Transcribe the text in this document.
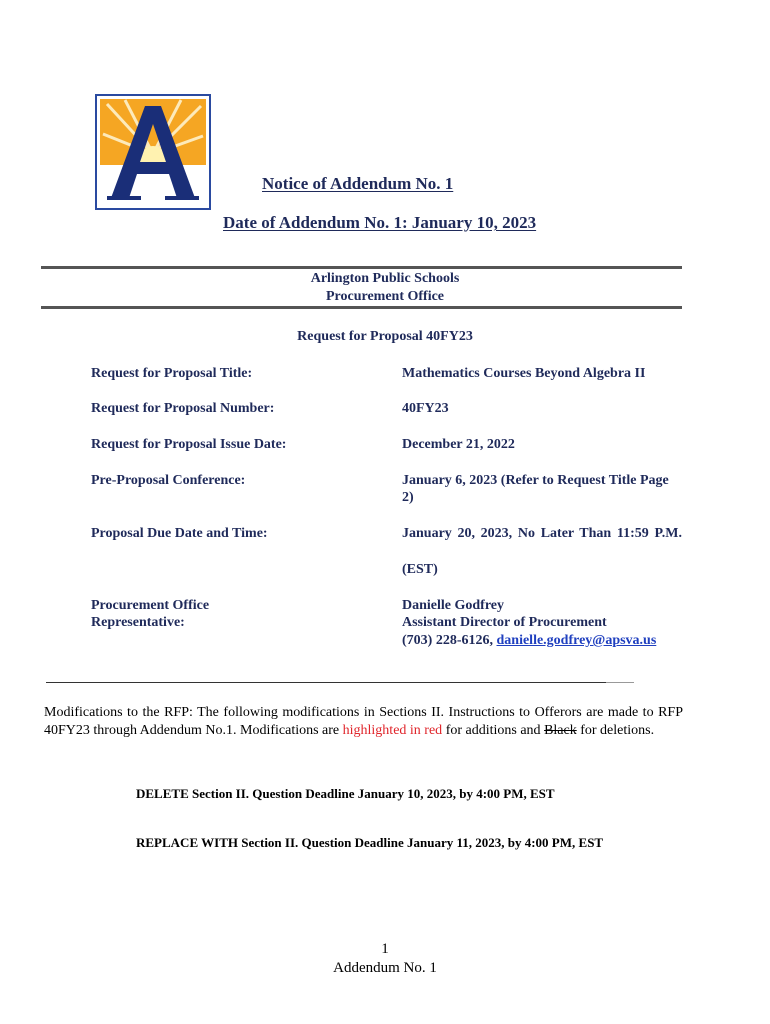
Notice of Addendum No. 1
Date of Addendum No. 1: January 10, 2023
Arlington Public Schools
Procurement Office
Request for Proposal 40FY23
Request for Proposal Title:	Mathematics Courses Beyond Algebra II
Request for Proposal Number:	40FY23
Request for Proposal Issue Date:	December 21, 2022
Pre-Proposal Conference:	January 6, 2023 (Refer to Request Title Page 2)
Proposal Due Date and Time:	January 20, 2023, No Later Than 11:59 P.M.
(EST)
Procurement Office
Representative:
Danielle Godfrey
Assistant Director of Procurement
(703) 228-6126, danielle.godfrey@apsva.us
Modifications to the RFP: The following modifications in Sections II. Instructions to Offerors are made to RFP 40FY23 through Addendum No.1. Modifications are highlighted in red for additions and Black for deletions.
DELETE Section II. Question Deadline January 10, 2023, by 4:00 PM, EST
REPLACE WITH Section II. Question Deadline January 11, 2023, by 4:00 PM, EST
1
Addendum No. 1
